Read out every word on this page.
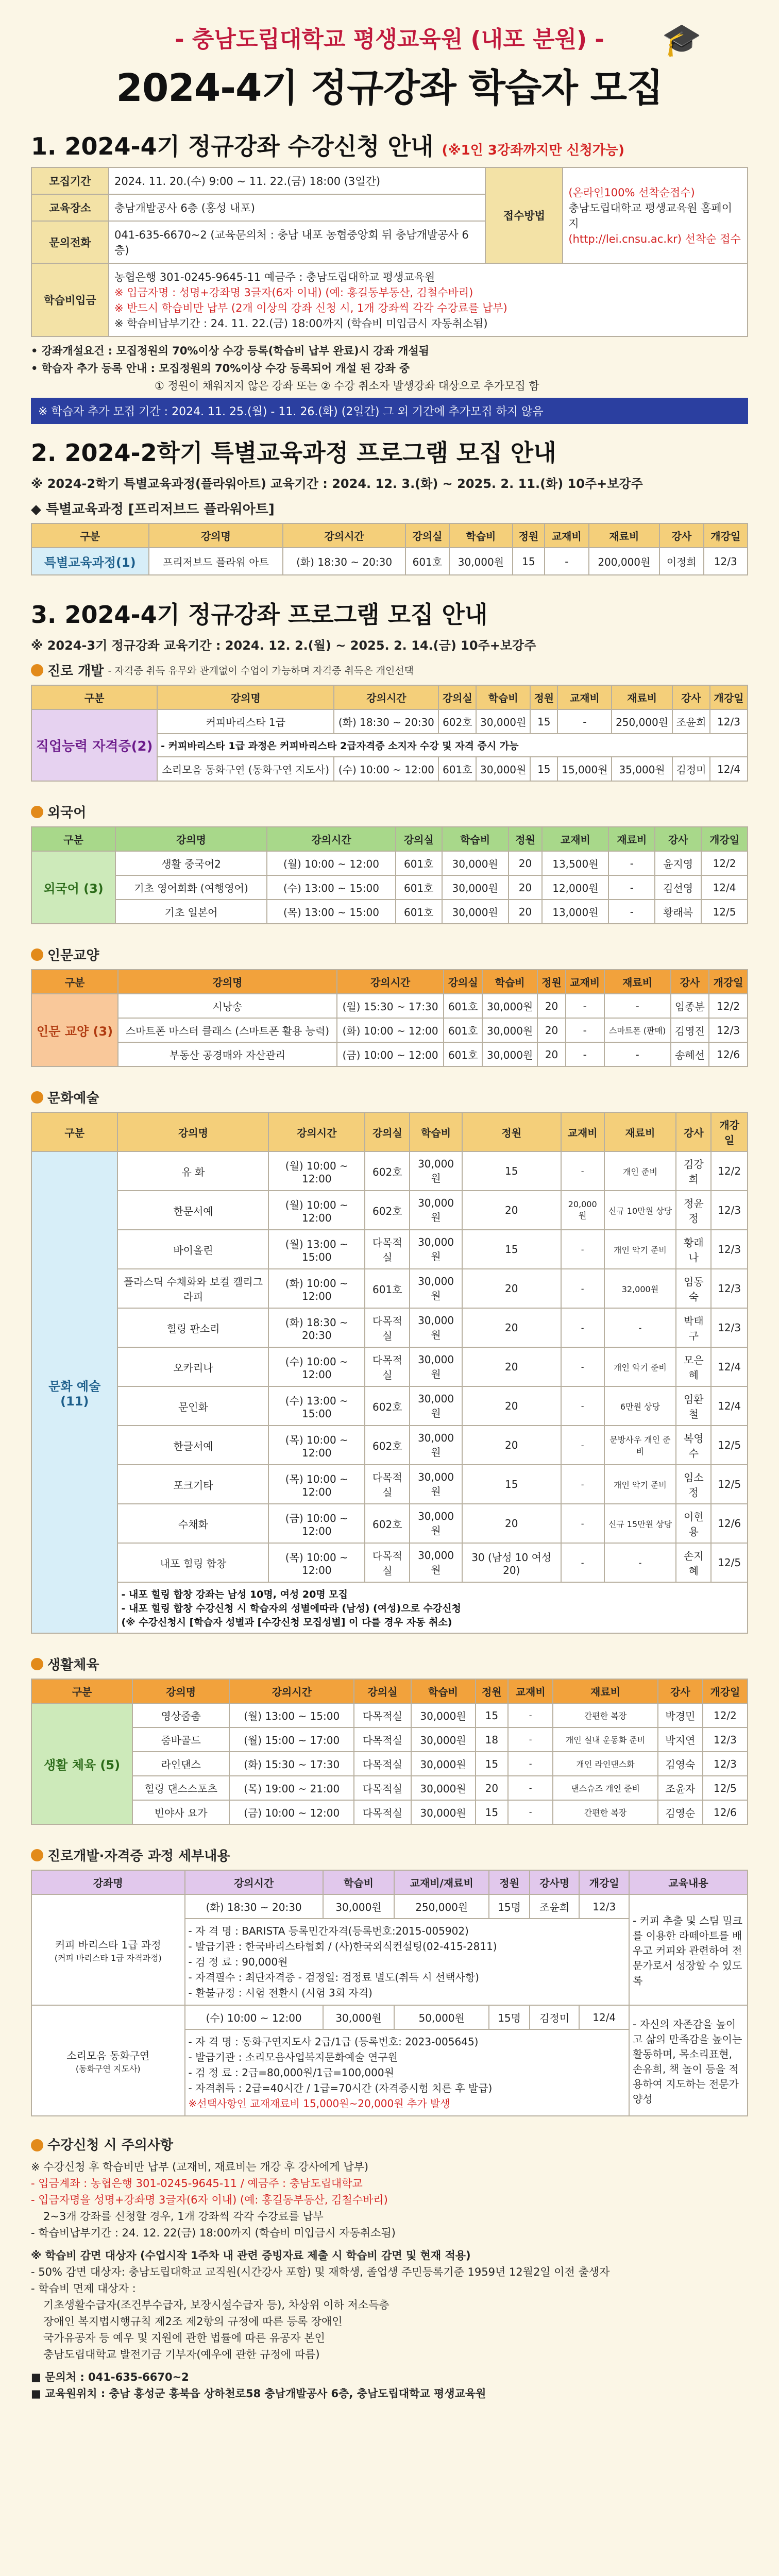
- 충남도립대학교 평생교육원 (내포 분원) -
2024-4기 정규강좌 학습자 모집
🎓
1. 2024-4기 정규강좌 수강신청 안내 (※1인 3강좌까지만 신청가능)
모집기간	2024. 11. 20.(수) 9:00 ~ 11. 22.(금) 18:00 (3일간)	접수방법	(온라인100% 선착순접수)
충남도립대학교 평생교육원 홈페이지
(http://lei.cnsu.ac.kr) 선착순 접수

교육장소	충남개발공사 6층 (홍성 내포)		
문의전화	041-635-6670~2 (교육문의처 : 충남 내포 농협중앙회 뒤 충남개발공사 6층)		
학습비입금	농협은행 301-0245-9645-11 예금주 : 충남도립대학교 평생교육원
※ 입금자명 : 성명+강좌명 3글자(6자 이내) (예: 홍길동부동산, 김철수바리)
※ 반드시 학습비만 납부 (2개 이상의 강좌 신청 시, 1개 강좌씩 각각 수강료를 납부)
※ 학습비납부기간 : 24. 11. 22.(금) 18:00까지 (학습비 미입금시 자동취소됨)		
• 강좌개설요건 : 모집정원의 70%이상 수강 등록(학습비 납부 완료)시 강좌 개설됨
• 학습자 추가 등록 안내 : 모집정원의 70%이상 수강 등록되어 개설 된 강좌 중
① 정원이 채워지지 않은 강좌 또는 ② 수강 취소자 발생강좌 대상으로 추가모집 함
※ 학습자 추가 모집 기간 : 2024. 11. 25.(월) - 11. 26.(화) (2일간) 그 외 기간에 추가모집 하지 않음
2. 2024-2학기 특별교육과정 프로그램 모집 안내
※ 2024-2학기 특별교육과정(플라워아트) 교육기간 : 2024. 12. 3.(화) ~ 2025. 2. 11.(화) 10주+보강주
◆ 특별교육과정 [프리저브드 플라워아트]
구분	강의명	강의시간	강의실	학습비	정원	교재비	재료비	강사	개강일
특별교육과정(1)	프리저브드 플라워 아트	(화) 18:30 ~ 20:30	601호	30,000원	15	-	200,000원	이정희	12/3
3. 2024-4기 정규강좌 프로그램 모집 안내
※ 2024-3기 정규강좌 교육기간 : 2024. 12. 2.(월) ~ 2025. 2. 14.(금) 10주+보강주
진로 개발 - 자격증 취득 유무와 관계없이 수업이 가능하며 자격증 취득은 개인선택
구분	강의명	강의시간	강의실	학습비	정원	교재비	재료비	강사	개강일
직업능력 자격증(2)	커피바리스타 1급	(화) 18:30 ~ 20:30	602호	30,000원	15	-	250,000원	조윤희	12/3
	- 커피바리스타 1급 과정은 커피바리스타 2급자격증 소지자 수강 및 자격 증시 가능								
	소리모음 동화구연 (동화구연 지도사)	(수) 10:00 ~ 12:00	601호	30,000원	15	15,000원	35,000원	김정미	12/4
외국어
구분	강의명	강의시간	강의실	학습비	정원	교재비	재료비	강사	개강일
외국어 (3)	생활 중국어2	(월) 10:00 ~ 12:00	601호	30,000원	20	13,500원	-	윤지영	12/2
	기초 영어회화 (여행영어)	(수) 13:00 ~ 15:00	601호	30,000원	20	12,000원	-	김선영	12/4
	기초 일본어	(목) 13:00 ~ 15:00	601호	30,000원	20	13,000원	-	황래복	12/5
인문교양
구분	강의명	강의시간	강의실	학습비	정원	교재비	재료비	강사	개강일
인문 교양 (3)	시낭송	(월) 15:30 ~ 17:30	601호	30,000원	20	-	-	임종분	12/2
	스마트폰 마스터 클래스 (스마트폰 활용 능력)	(화) 10:00 ~ 12:00	601호	30,000원	20	-	스마트폰 (판매)	김영진	12/3
	부동산 공경매와 자산관리	(금) 10:00 ~ 12:00	601호	30,000원	20	-	-	송혜선	12/6
문화예술
구분	강의명	강의시간	강의실	학습비	정원	교재비	재료비	강사	개강일
문화 예술 (11)	유 화	(월) 10:00 ~ 12:00	602호	30,000원	15	-	개인 준비	김강희	12/2
	한문서예	(월) 10:00 ~ 12:00	602호	30,000원	20	20,000원	신규 10만원 상당	정윤정	12/3
	바이올린	(월) 13:00 ~ 15:00	다목적실	30,000원	15	-	개인 악기 준비	황래나	12/3
	플라스틱 수채화와 보컬 캘리그라피	(화) 10:00 ~ 12:00	601호	30,000원	20	-	32,000원	임동숙	12/3
	힐링 판소리	(화) 18:30 ~ 20:30	다목적실	30,000원	20	-	-	박태구	12/3
	오카리나	(수) 10:00 ~ 12:00	다목적실	30,000원	20	-	개인 악기 준비	모은혜	12/4
	문인화	(수) 13:00 ~ 15:00	602호	30,000원	20	-	6만원 상당	임환철	12/4
	한글서예	(목) 10:00 ~ 12:00	602호	30,000원	20	-	문방사우 개인 준비	복영수	12/5
	포크기타	(목) 10:00 ~ 12:00	다목적실	30,000원	15	-	개인 악기 준비	임소정	12/5
	수채화	(금) 10:00 ~ 12:00	602호	30,000원	20	-	신규 15만원 상당	이현용	12/6
	내포 힐링 합창	(목) 10:00 ~ 12:00	다목적실	30,000원	30 (남성 10 여성 20)	-	-	손지혜	12/5

	- 내포 힐링 합창 강좌는 남성 10명, 여성 20명 모집
- 내포 힐링 합창 수강신청 시 학습자의 성별에따라 (남성) (여성)으로 수강신청
(※ 수강신청시 [학습자 성별과 [수강신청 모집성별] 이 다를 경우 자동 취소)								
생활체육
구분	강의명	강의시간	강의실	학습비	정원	교재비	재료비	강사	개강일
생활 체육 (5)	영상줌춤	(월) 13:00 ~ 15:00	다목적실	30,000원	15	-	간편한 복장	박경민	12/2
	줌바골드	(월) 15:00 ~ 17:00	다목적실	30,000원	18	-	개인 실내 운동화 준비	박지연	12/3
	라인댄스	(화) 15:30 ~ 17:30	다목적실	30,000원	15	-	개인 라인댄스화	김영숙	12/3
	힐링 댄스스포츠	(목) 19:00 ~ 21:00	다목적실	30,000원	20	-	댄스슈즈 개인 준비	조윤자	12/5
	빈야사 요가	(금) 10:00 ~ 12:00	다목적실	30,000원	15	-	간편한 복장	김영순	12/6
진로개발·자격증 과정 세부내용
강좌명	강의시간	학습비	교재비/재료비	정원	강사명	개강일	교육내용

커피 바리스타 1급 과정
(커피 바리스타 1급 자격과정)	(화) 18:30 ~ 20:30	30,000원	250,000원	15명	조윤희	12/3	- 커피 추출 및 스팀 밀크를 이용한 라떼아트를 배우고 커피와 관련하여 전문가로서 성장할 수 있도록

	- 자 격 명 : BARISTA 등록민간자격(등록번호:2015-005902)
- 발급기관 : 한국바리스타협회 / (사)한국외식컨설팅(02-415-2811)
- 검 정 료 : 90,000원
- 자격필수 : 최단자격증 - 검정일: 검정료 별도(취득 시 선택사항)
- 환불규정 : 시험 전환시 (시험 3회 자격)						

소리모음 동화구연
(동화구연 지도사)	(수) 10:00 ~ 12:00	30,000원	50,000원	15명	김정미	12/4	- 자신의 자존감을 높이고 삶의 만족감을 높이는 활동하며, 목소리표현, 손유희, 책 놀이 등을 적용하여 지도하는 전문가양성

	- 자 격 명 : 동화구연지도사 2급/1급 (등록번호: 2023-005645)
- 발급기관 : 소리모음사업복지문화예술 연구원
- 검 정 료 : 2급=80,000원/1급=100,000원
- 자격취득 : 2급=40시간 / 1급=70시간 (자격증시험 치른 후 발급)
※선택사항인 교재재료비 15,000원~20,000원 추가 발생						
수강신청 시 주의사항
※ 수강신청 후 학습비만 납부 (교재비, 재료비는 개강 후 강사에게 납부)
- 입금계좌 : 농협은행 301-0245-9645-11 / 예금주 : 충남도립대학교
- 입금자명을 성명+강좌명 3글자(6자 이내) (예: 홍길동부동산, 김철수바리)
2~3개 강좌를 신청할 경우, 1개 강좌씩 각각 수강료를 납부
- 학습비납부기간 : 24. 12. 22(금) 18:00까지 (학습비 미입금시 자동취소됨)
※ 학습비 감면 대상자 (수업시작 1주차 내 관련 증빙자료 제출 시 학습비 감면 및 현재 적용)
- 50% 감면 대상자: 충남도립대학교 교직원(시간강사 포함) 및 재학생, 졸업생 주민등록기준 1959년 12월2일 이전 출생자
- 학습비 면제 대상자 :
기초생활수급자(조건부수급자, 보장시설수급자 등), 차상위 이하 저소득층
장애인 복지법시행규칙 제2조 제2항의 규정에 따른 등록 장애인
국가유공자 등 예우 및 지원에 관한 법률에 따른 유공자 본인
충남도립대학교 발전기금 기부자(예우에 관한 규정에 따름)
■ 문의처 : 041-635-6670~2
■ 교육원위치 : 충남 홍성군 홍북읍 상하천로58 충남개발공사 6층, 충남도립대학교 평생교육원
